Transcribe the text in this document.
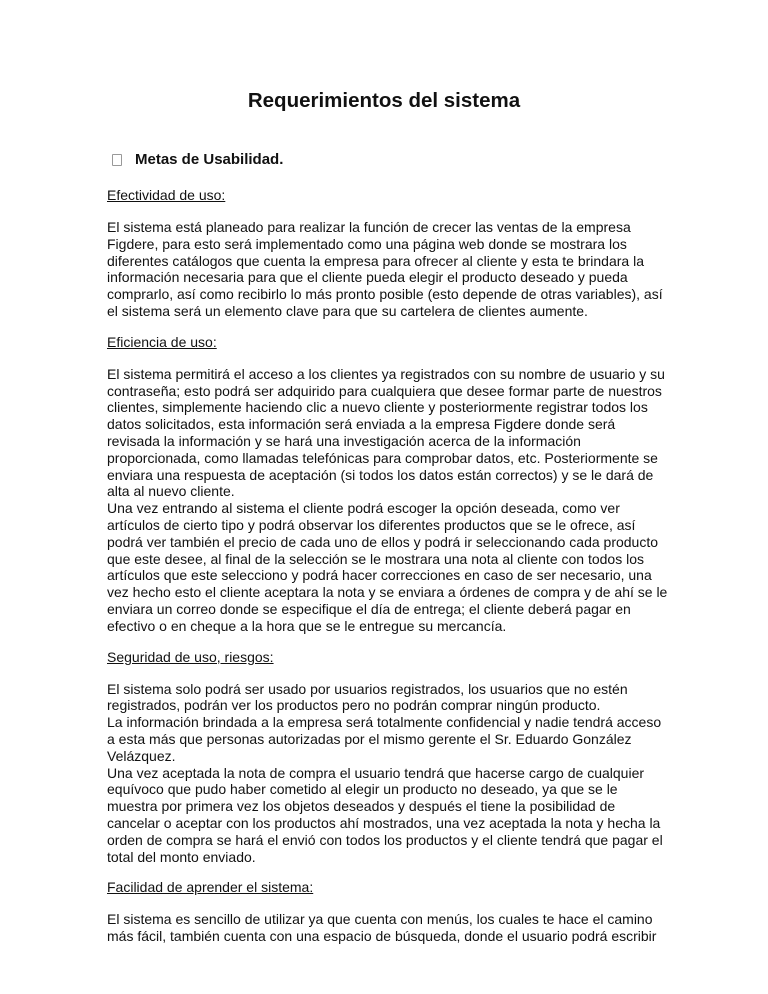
Requerimientos del sistema
Metas de Usabilidad.
Efectividad de uso:
El sistema está planeado para realizar la función de crecer las ventas de la empresa
Figdere, para esto será implementado como una página web donde se mostrara los
diferentes catálogos que cuenta la empresa para ofrecer al cliente y esta te brindara la
información necesaria para que el cliente pueda elegir el producto deseado y pueda
comprarlo, así como recibirlo lo más pronto posible (esto depende de otras variables), así
el sistema será un elemento clave para que su cartelera de clientes aumente.
Eficiencia de uso:
El sistema permitirá el acceso a los clientes ya registrados con su nombre de usuario y su
contraseña; esto podrá ser adquirido para cualquiera que desee formar parte de nuestros
clientes, simplemente haciendo clic a nuevo cliente y posteriormente registrar todos los
datos solicitados, esta información será enviada a la empresa Figdere donde será
revisada la información y se hará una investigación acerca de la información
proporcionada, como llamadas telefónicas para comprobar datos, etc. Posteriormente se
enviara una respuesta de aceptación (si todos los datos están correctos) y se le dará de
alta al nuevo cliente.
Una vez entrando al sistema el cliente podrá escoger la opción deseada, como ver
artículos de cierto tipo y podrá observar los diferentes productos que se le ofrece, así
podrá ver también el precio de cada uno de ellos y podrá ir seleccionando cada producto
que este desee, al final de la selección se le mostrara una nota al cliente con todos los
artículos que este selecciono y podrá hacer correcciones en caso de ser necesario, una
vez hecho esto el cliente aceptara la nota y se enviara a órdenes de compra y de ahí se le
enviara un correo donde se especifique el día de entrega; el cliente deberá pagar en
efectivo o en cheque a la hora que se le entregue su mercancía.
Seguridad de uso, riesgos:
El sistema solo podrá ser usado por usuarios registrados, los usuarios que no estén
registrados, podrán ver los productos pero no podrán comprar ningún producto.
La información brindada a la empresa será totalmente confidencial y nadie tendrá acceso
a esta más que personas autorizadas por el mismo gerente el Sr. Eduardo González
Velázquez.
Una vez aceptada la nota de compra el usuario tendrá que hacerse cargo de cualquier
equívoco que pudo haber cometido al elegir un producto no deseado, ya que se le
muestra por primera vez los objetos deseados y después el tiene la posibilidad de
cancelar o aceptar con los productos ahí mostrados, una vez aceptada la nota y hecha la
orden de compra se hará el envió con todos los productos y el cliente tendrá que pagar el
total del monto enviado.
Facilidad de aprender el sistema:
El sistema es sencillo de utilizar ya que cuenta con menús, los cuales te hace el camino
más fácil, también cuenta con una espacio de búsqueda, donde el usuario podrá escribir
